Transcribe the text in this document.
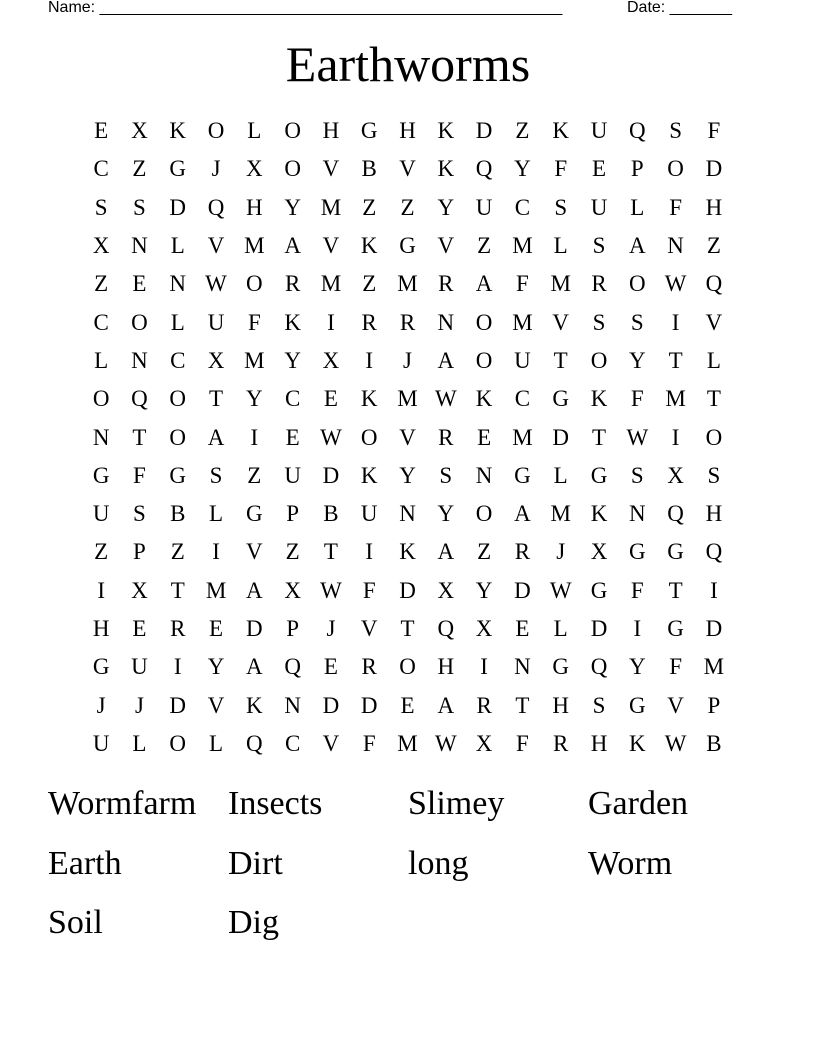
Name: ____________________________________________________	Date: _______
Earthworms
E X K O L O H G H K D Z K U Q	S	F
C	Z G	J	X O V B V K Q Y	F	E	P	O D
S	S	D Q H Y M Z	Z Y U C	S	U L	F	H
X N L V M A V K G V Z M L	S	A N Z
Z	E N W O R M Z M R A	F M R O W Q
C O L U	F	K	I	R R N O M V	S	S	I	V
L N C X M Y X	I	J	A O U T O Y T	L
O Q O T Y C	E K M W K C G K	F M T
N T O A	I	E W O V R	E M D T W	I	O
G	F	G	S	Z U D K Y	S	N G L G	S	X	S
U	S	B	L G	P	B U N Y O A M K N Q H
Z	P	Z	I	V Z	T	I	K A Z	R	J	X G G Q
I	X T M A X W F	D X Y D W G	F	T	I
H E	R	E D	P	J	V T Q X E	L D	I	G D
G U	I	Y A Q E	R O H	I	N G Q Y	F M
J	J	D V K N D D E A R	T H	S	G V	P
U L O L Q C V	F M W X	F	R H K W B
Wormfarm Insects	Slimey	Garden
Earth	Dirt	long	Worm
Soil	Dig
